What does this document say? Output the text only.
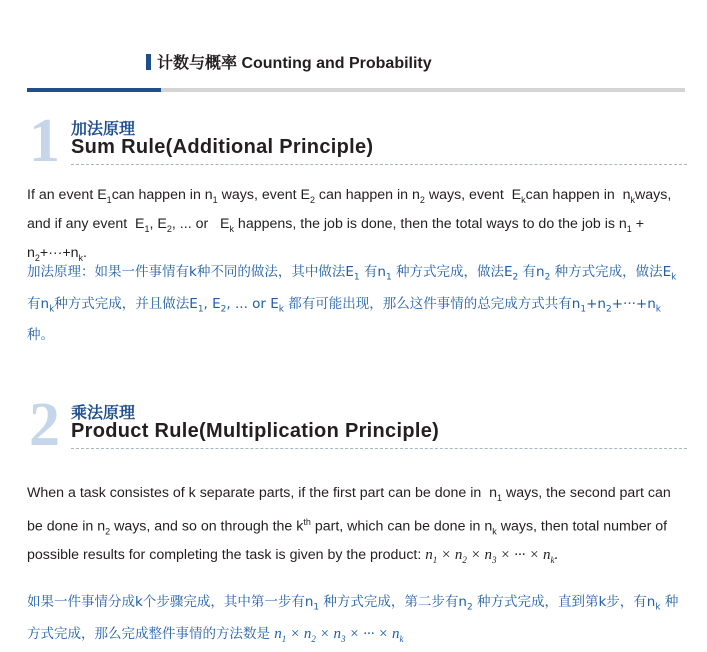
计数与概率 Counting and Probability
1 加法原理
Sum Rule(Additional Principle)
If an event $E_1can$ happen in $n_1$ ways, event $E_2$ can happen in $n_2$ ways, event  $E_kcan$ happen in  $n_kways$, and if any event  $E_1$, $E_2$, ... or   $E_k$ happens, the job is done, then the total ways to do the job is $n_1 + n_2+\cdot\cdot\cdot+n_k$.
加法原理：如果一件事情有k种不同的做法，其中做法$E_1$ 有$n_1$ 种方式完成，做法$E_2$ 有$n_2$ 种方式完成，做法$E_k$有$n_k$种方式完成，并且做法$E_1$, $E_2$, ... or $E_k$ 都有可能出现，那么这件事情的总完成方式共有$n_1+n_2+\cdot\cdot\cdot+n_k$种。
2 乘法原理
Product Rule(Multiplication Principle)
When a task consistes of k separate parts, if the first part can be done in  $n_1$ ways, the second part can be done in $n_2$ ways, and so on through the $k^{th}$ part, which can be done in $n_k$ ways, then total number of possible results for completing the task is given by the product: $n_1 \times n_2 \times n_3$ × ··· × $n_k$.
如果一件事情分成k个步骤完成，其中第一步有$n_1$ 种方式完成，第二步有$n_2$ 种方式完成，直到第k步，有$n_k$ 种方式完成，那么完成整件事情的方法数是 $n_1 \times n_2 \times n_3$ × ··· × $n_k$
